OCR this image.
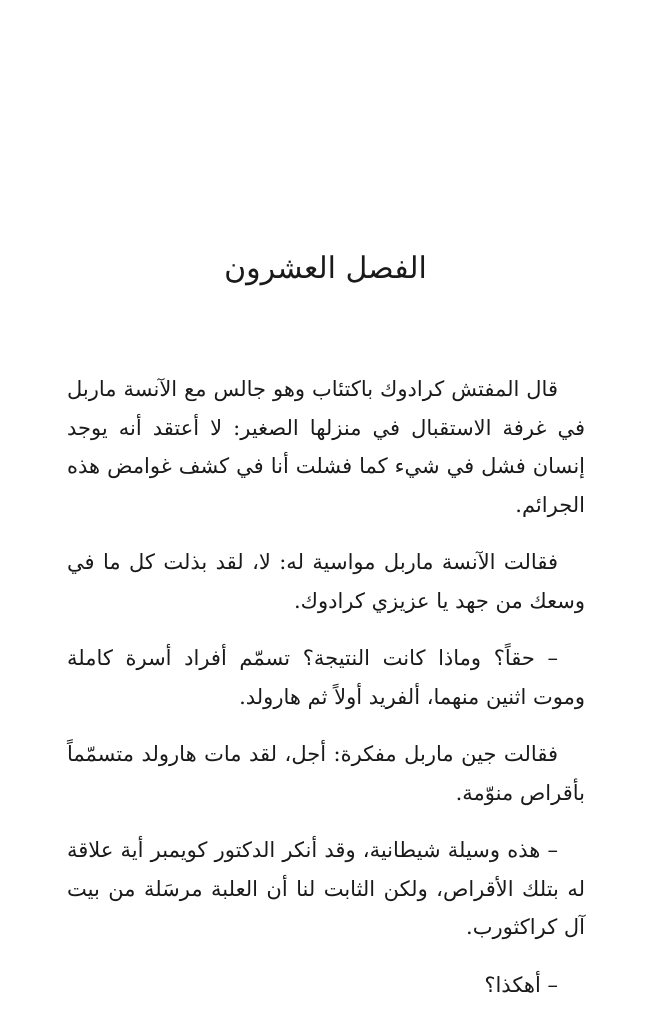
الفصل العشرون

قال المفتش كرادوك باكتئاب وهو جالس مع الآنسة ماربل في غرفة الاستقبال في منزلها الصغير: لا أعتقد أنه يوجد إنسان فشل في شيء كما فشلت أنا في كشف غوامض هذه الجرائم.

فقالت الآنسة ماربل مواسية له: لا، لقد بذلت كل ما في وسعك من جهد يا عزيزي كرادوك.

– حقاً؟ وماذا كانت النتيجة؟ تسمّم أفراد أسرة كاملة وموت اثنين منهما، ألفريد أولاً ثم هارولد.

فقالت جين ماربل مفكرة: أجل، لقد مات هارولد متسمّماً بأقراص منوّمة.

– هذه وسيلة شيطانية، وقد أنكر الدكتور كويمبر أية علاقة له بتلك الأقراص، ولكن الثابت لنا أن العلبة مرسَلة من بيت آل كراكثورب.

– أهكذا؟
